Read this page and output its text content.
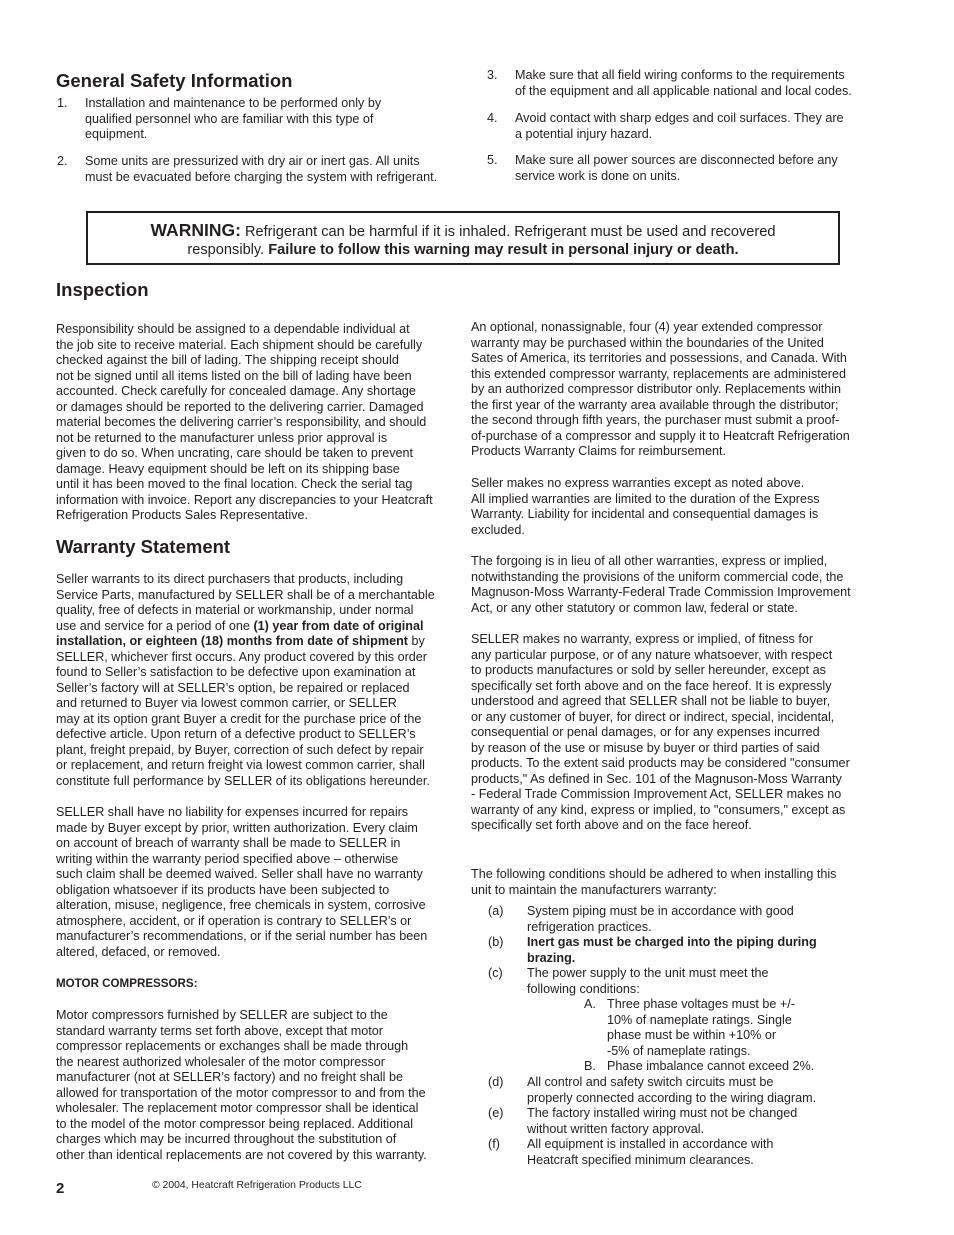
General Safety Information
1. Installation and maintenance to be performed only by
qualified personnel who are familiar with this type of
equipment.
2. Some units are pressurized with dry air or inert gas. All units
must be evacuated before charging the system with refrigerant.
3. Make sure that all field wiring conforms to the requirements
of the equipment and all applicable national and local codes.
4. Avoid contact with sharp edges and coil surfaces. They are
a potential injury hazard.
5. Make sure all power sources are disconnected before any
service work is done on units.
WARNING: Refrigerant can be harmful if it is inhaled. Refrigerant must be used and recovered
responsibly. Failure to follow this warning may result in personal injury or death.
Inspection
Responsibility should be assigned to a dependable individual at
the job site to receive material. Each shipment should be carefully
checked against the bill of lading. The shipping receipt should
not be signed until all items listed on the bill of lading have been
accounted. Check carefully for concealed damage. Any shortage
or damages should be reported to the delivering carrier. Damaged
material becomes the delivering carrier’s responsibility, and should
not be returned to the manufacturer unless prior approval is
given to do so. When uncrating, care should be taken to prevent
damage. Heavy equipment should be left on its shipping base
until it has been moved to the final location. Check the serial tag
information with invoice. Report any discrepancies to your Heatcraft
Refrigeration Products Sales Representative.
Warranty Statement
Seller warrants to its direct purchasers that products, including
Service Parts, manufactured by SELLER shall be of a merchantable
quality, free of defects in material or workmanship, under normal
use and service for a period of one (1) year from date of original
installation, or eighteen (18) months from date of shipment by
SELLER, whichever first occurs. Any product covered by this order
found to Seller’s satisfaction to be defective upon examination at
Seller’s factory will at SELLER’s option, be repaired or replaced
and returned to Buyer via lowest common carrier, or SELLER
may at its option grant Buyer a credit for the purchase price of the
defective article. Upon return of a defective product to SELLER’s
plant, freight prepaid, by Buyer, correction of such defect by repair
or replacement, and return freight via lowest common carrier, shall
constitute full performance by SELLER of its obligations hereunder.
SELLER shall have no liability for expenses incurred for repairs
made by Buyer except by prior, written authorization. Every claim
on account of breach of warranty shall be made to SELLER in
writing within the warranty period specified above – otherwise
such claim shall be deemed waived. Seller shall have no warranty
obligation whatsoever if its products have been subjected to
alteration, misuse, negligence, free chemicals in system, corrosive
atmosphere, accident, or if operation is contrary to SELLER’s or
manufacturer’s recommendations, or if the serial number has been
altered, defaced, or removed.
MOTOR COMPRESSORS:
Motor compressors furnished by SELLER are subject to the
standard warranty terms set forth above, except that motor
compressor replacements or exchanges shall be made through
the nearest authorized wholesaler of the motor compressor
manufacturer (not at SELLER’s factory) and no freight shall be
allowed for transportation of the motor compressor to and from the
wholesaler. The replacement motor compressor shall be identical
to the model of the motor compressor being replaced. Additional
charges which may be incurred throughout the substitution of
other than identical replacements are not covered by this warranty.
An optional, nonassignable, four (4) year extended compressor
warranty may be purchased within the boundaries of the United
Sates of America, its territories and possessions, and Canada. With
this extended compressor warranty, replacements are administered
by an authorized compressor distributor only. Replacements within
the first year of the warranty area available through the distributor;
the second through fifth years, the purchaser must submit a proof-
of-purchase of a compressor and supply it to Heatcraft Refrigeration
Products Warranty Claims for reimbursement.
Seller makes no express warranties except as noted above.
All implied warranties are limited to the duration of the Express
Warranty. Liability for incidental and consequential damages is
excluded.
The forgoing is in lieu of all other warranties, express or implied,
notwithstanding the provisions of the uniform commercial code, the
Magnuson-Moss Warranty-Federal Trade Commission Improvement
Act, or any other statutory or common law, federal or state.
SELLER makes no warranty, express or implied, of fitness for
any particular purpose, or of any nature whatsoever, with respect
to products manufactures or sold by seller hereunder, except as
specifically set forth above and on the face hereof. It is expressly
understood and agreed that SELLER shall not be liable to buyer,
or any customer of buyer, for direct or indirect, special, incidental,
consequential or penal damages, or for any expenses incurred
by reason of the use or misuse by buyer or third parties of said
products. To the extent said products may be considered "consumer
products," As defined in Sec. 101 of the Magnuson-Moss Warranty
- Federal Trade Commission Improvement Act, SELLER makes no
warranty of any kind, express or implied, to "consumers," except as
specifically set forth above and on the face hereof.
The following conditions should be adhered to when installing this
unit to maintain the manufacturers warranty:
(a) System piping must be in accordance with good
refrigeration practices.
(b) Inert gas must be charged into the piping during
brazing.
(c) The power supply to the unit must meet the
following conditions:
A. Three phase voltages must be +/-
10% of nameplate ratings. Single
phase must be within +10% or
-5% of nameplate ratings.
B. Phase imbalance cannot exceed 2%.
(d) All control and safety switch circuits must be
properly connected according to the wiring diagram.
(e) The factory installed wiring must not be changed
without written factory approval.
(f) All equipment is installed in accordance with
Heatcraft specified minimum clearances.
2	© 2004, Heatcraft Refrigeration Products LLC
